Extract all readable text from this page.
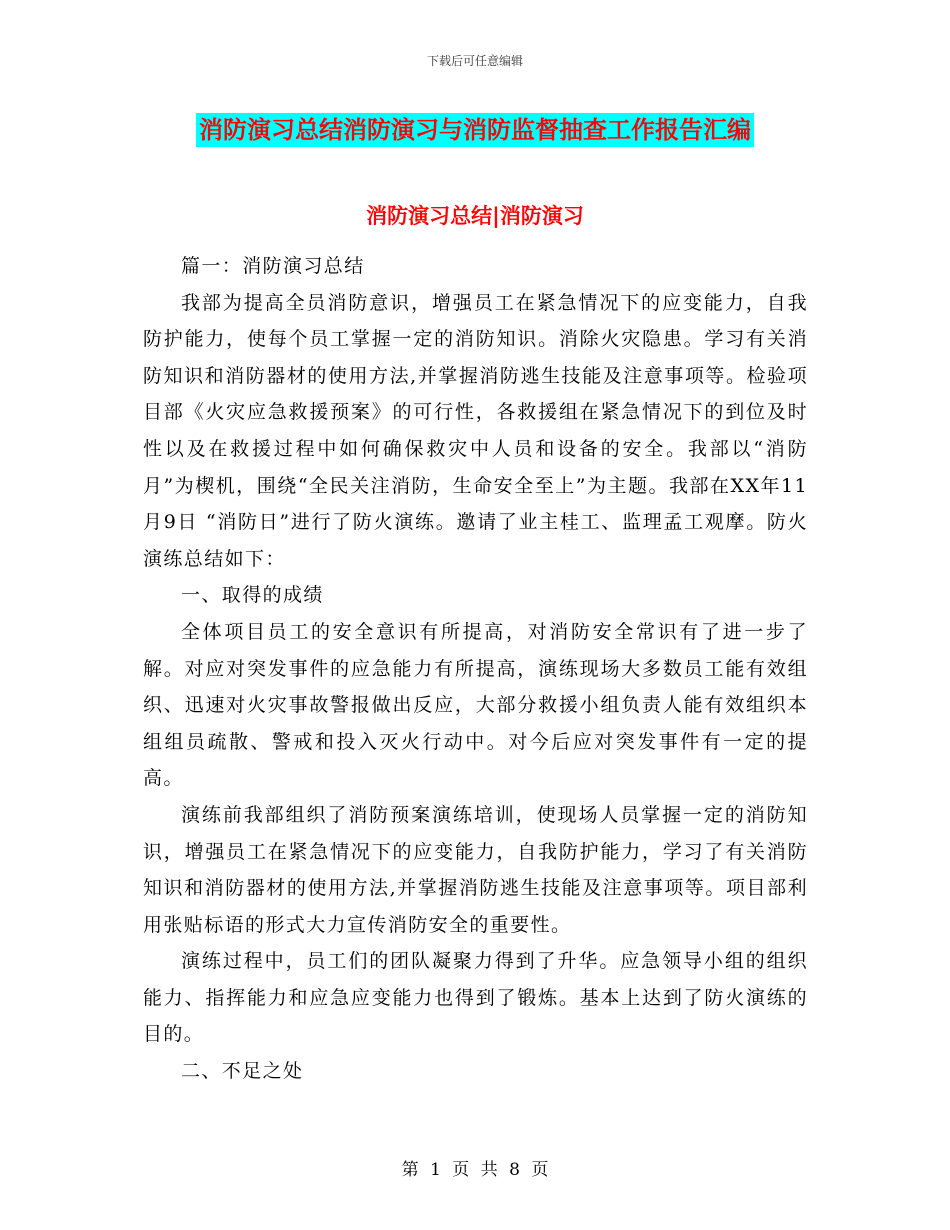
下载后可任意编辑
消防演习总结消防演习与消防监督抽查工作报告汇编
消防演习总结|消防演习

篇一：消防演习总结

我部为提高全员消防意识，增强员工在紧急情况下的应变能力，自我防护能力，使每个员工掌握一定的消防知识。消除火灾隐患。学习有关消防知识和消防器材的使用方法,并掌握消防逃生技能及注意事项等。检验项目部《火灾应急救援预案》的可行性，各救援组在紧急情况下的到位及时性以及在救援过程中如何确保救灾中人员和设备的安全。我部以“消防月”为楔机，围绕“全民关注消防，生命安全至上”为主题。我部在XX年11月9日 “消防日”进行了防火演练。邀请了业主桂工、监理孟工观摩。防火演练总结如下：

一、取得的成绩

全体项目员工的安全意识有所提高，对消防安全常识有了进一步了解。对应对突发事件的应急能力有所提高，演练现场大多数员工能有效组织、迅速对火灾事故警报做出反应，大部分救援小组负责人能有效组织本组组员疏散、警戒和投入灭火行动中。对今后应对突发事件有一定的提高。

演练前我部组织了消防预案演练培训，使现场人员掌握一定的消防知识，增强员工在紧急情况下的应变能力，自我防护能力，学习了有关消防知识和消防器材的使用方法,并掌握消防逃生技能及注意事项等。项目部利用张贴标语的形式大力宣传消防安全的重要性。

演练过程中，员工们的团队凝聚力得到了升华。应急领导小组的组织能力、指挥能力和应急应变能力也得到了锻炼。基本上达到了防火演练的目的。

二、不足之处

第 1 页 共 8 页
